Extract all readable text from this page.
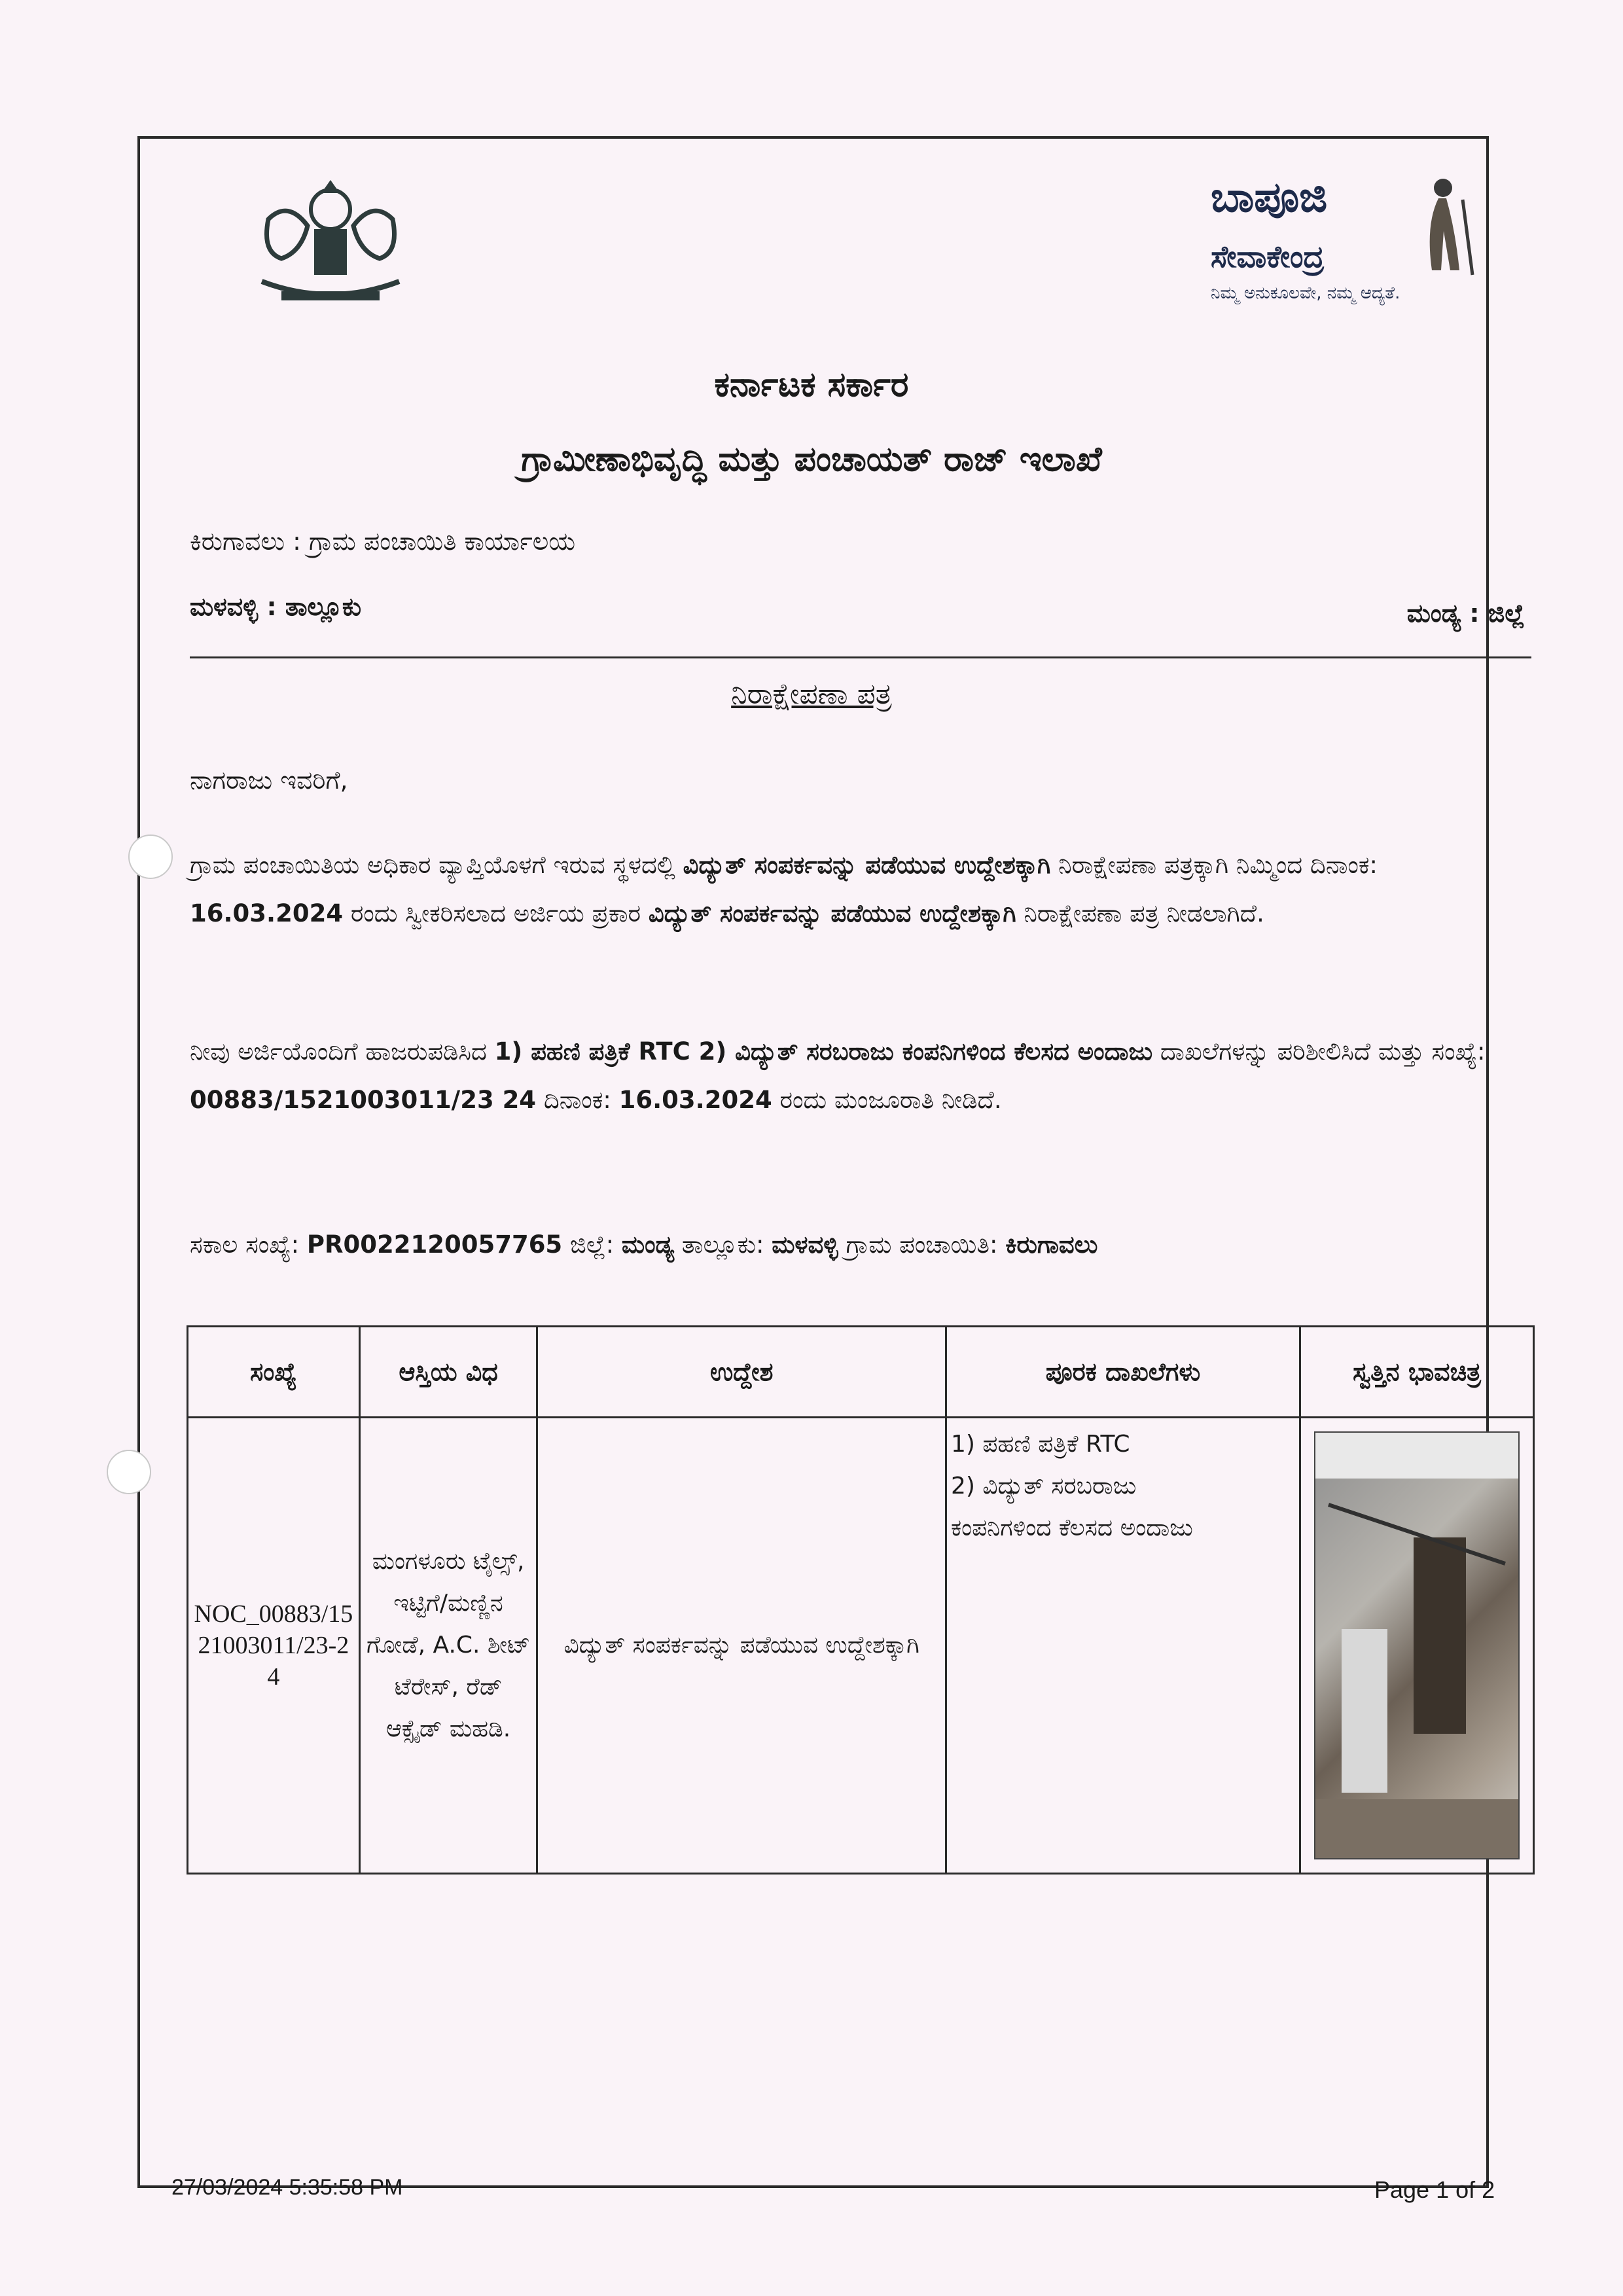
ಬಾಪೂಜಿ
ಸೇವಾಕೇಂದ್ರ
ನಿಮ್ಮ ಅನುಕೂಲವೇ, ನಮ್ಮ ಆದ್ಯತೆ.
ಕರ್ನಾಟಕ ಸರ್ಕಾರ
ಗ್ರಾಮೀಣಾಭಿವೃದ್ಧಿ ಮತ್ತು ಪಂಚಾಯತ್ ರಾಜ್ ಇಲಾಖೆ
ಕಿರುಗಾವಲು : ಗ್ರಾಮ ಪಂಚಾಯಿತಿ ಕಾರ್ಯಾಲಯ
ಮಳವಳ್ಳಿ : ತಾಲ್ಲೂಕು	ಮಂಡ್ಯ : ಜಿಲ್ಲೆ
ನಿರಾಕ್ಷೇಪಣಾ ಪತ್ರ
ನಾಗರಾಜು ಇವರಿಗೆ,
ಗ್ರಾಮ ಪಂಚಾಯಿತಿಯ ಅಧಿಕಾರ ವ್ಯಾಪ್ತಿಯೊಳಗೆ ಇರುವ ಸ್ಥಳದಲ್ಲಿ ವಿದ್ಯುತ್ ಸಂಪರ್ಕವನ್ನು ಪಡೆಯುವ ಉದ್ದೇಶಕ್ಕಾಗಿ ನಿರಾಕ್ಷೇಪಣಾ ಪತ್ರಕ್ಕಾಗಿ ನಿಮ್ಮಿಂದ ದಿನಾಂಕ: 16.03.2024 ರಂದು ಸ್ವೀಕರಿಸಲಾದ ಅರ್ಜಿಯ ಪ್ರಕಾರ ವಿದ್ಯುತ್ ಸಂಪರ್ಕವನ್ನು ಪಡೆಯುವ ಉದ್ದೇಶಕ್ಕಾಗಿ ನಿರಾಕ್ಷೇಪಣಾ ಪತ್ರ ನೀಡಲಾಗಿದೆ.
ನೀವು ಅರ್ಜಿಯೊಂದಿಗೆ ಹಾಜರುಪಡಿಸಿದ 1) ಪಹಣಿ ಪತ್ರಿಕೆ RTC 2) ವಿದ್ಯುತ್ ಸರಬರಾಜು ಕಂಪನಿಗಳಿಂದ ಕೆಲಸದ ಅಂದಾಜು ದಾಖಲೆಗಳನ್ನು ಪರಿಶೀಲಿಸಿದೆ ಮತ್ತು ಸಂಖ್ಯೆ: 00883/1521003011/23 24 ದಿನಾಂಕ: 16.03.2024 ರಂದು ಮಂಜೂರಾತಿ ನೀಡಿದೆ.
ಸಕಾಲ ಸಂಖ್ಯೆ: PR0022120057765 ಜಿಲ್ಲೆ: ಮಂಡ್ಯ ತಾಲ್ಲೂಕು: ಮಳವಳ್ಳಿ ಗ್ರಾಮ ಪಂಚಾಯಿತಿ: ಕಿರುಗಾವಲು
ಸಂಖ್ಯೆ	ಆಸ್ತಿಯ ವಿಧ	ಉದ್ದೇಶ	ಪೂರಕ ದಾಖಲೆಗಳು	ಸ್ವತ್ತಿನ ಭಾವಚಿತ್ರ
NOC_00883/1521003011/23-24	ಮಂಗಳೂರು ಟೈಲ್ಸ್, ಇಟ್ಟಿಗೆ/ಮಣ್ಣಿನ ಗೋಡೆ, A.C. ಶೀಟ್ ಟೆರೇಸ್, ರೆಡ್ ಆಕ್ಸೈಡ್ ಮಹಡಿ.	ವಿದ್ಯುತ್ ಸಂಪರ್ಕವನ್ನು ಪಡೆಯುವ ಉದ್ದೇಶಕ್ಕಾಗಿ	1) ಪಹಣಿ ಪತ್ರಿಕೆ RTC
2) ವಿದ್ಯುತ್ ಸರಬರಾಜು
ಕಂಪನಿಗಳಿಂದ ಕೆಲಸದ ಅಂದಾಜು

27/03/2024 5:35:58 PM	Page 1 of 2
